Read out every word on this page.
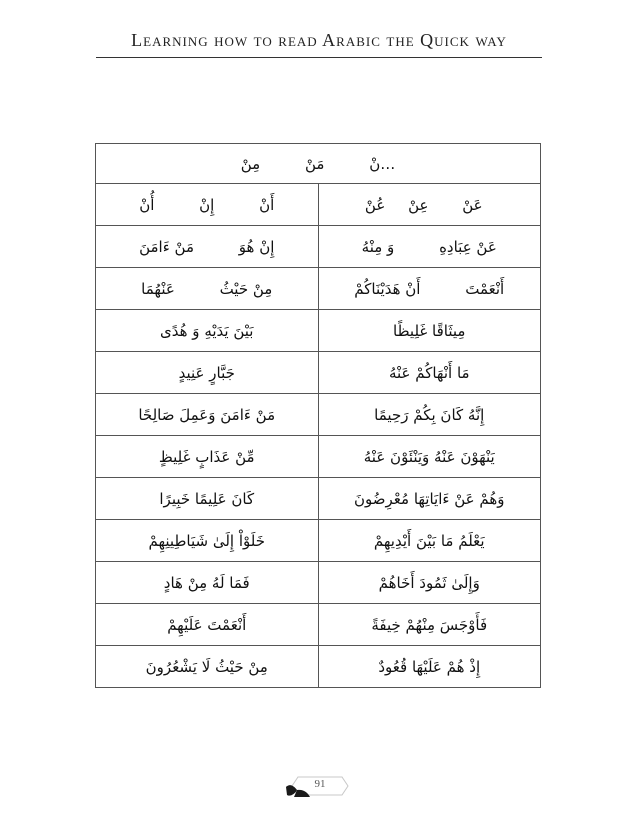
Learning how to read Arabic the Quick way
…نْ مَنْ مِنْ	
أَنْ إِنْ أُنْ	عَنْ عِنْ عُنْ
إِنْ هُوَ مَنْ ءَامَنَ	عَنْ عِبَادِهِ وَ مِنْهُ
مِنْ حَيْثُ عَنْهُمَا	أَنْعَمْتَ أَنْ هَدَيْنَاكُمْ
بَيْنَ يَدَيْهِ وَ هُدًى	مِيثَاقًا غَلِيظًا
جَبَّارٍ عَنِيدٍ	مَا أَنْهَاكُمْ عَنْهُ
مَنْ ءَامَنَ وَعَمِلَ صَالِحًا	إِنَّهُ كَانَ بِكُمْ رَحِيمًا
مِّنْ عَذَابٍ غَلِيظٍ	يَنْهَوْنَ عَنْهُ وَيَنْئَوْنَ عَنْهُ
كَانَ عَلِيمًا خَبِيرًا	وَهُمْ عَنْ ءَايَاتِهَا مُعْرِضُونَ
خَلَوْاْ إِلَىٰ شَيَاطِينِهِمْ	يَعْلَمُ مَا بَيْنَ أَيْدِيهِمْ
فَمَا لَهُ مِنْ هَادٍ	وَإِلَىٰ ثَمُودَ أَخَاهُمْ
أَنْعَمْتَ عَلَيْهِمْ	فَأَوْجَسَ مِنْهُمْ خِيفَةً
مِنْ حَيْثُ لَا يَشْعُرُونَ	إِذْ هُمْ عَلَيْهَا قُعُودٌ
91
